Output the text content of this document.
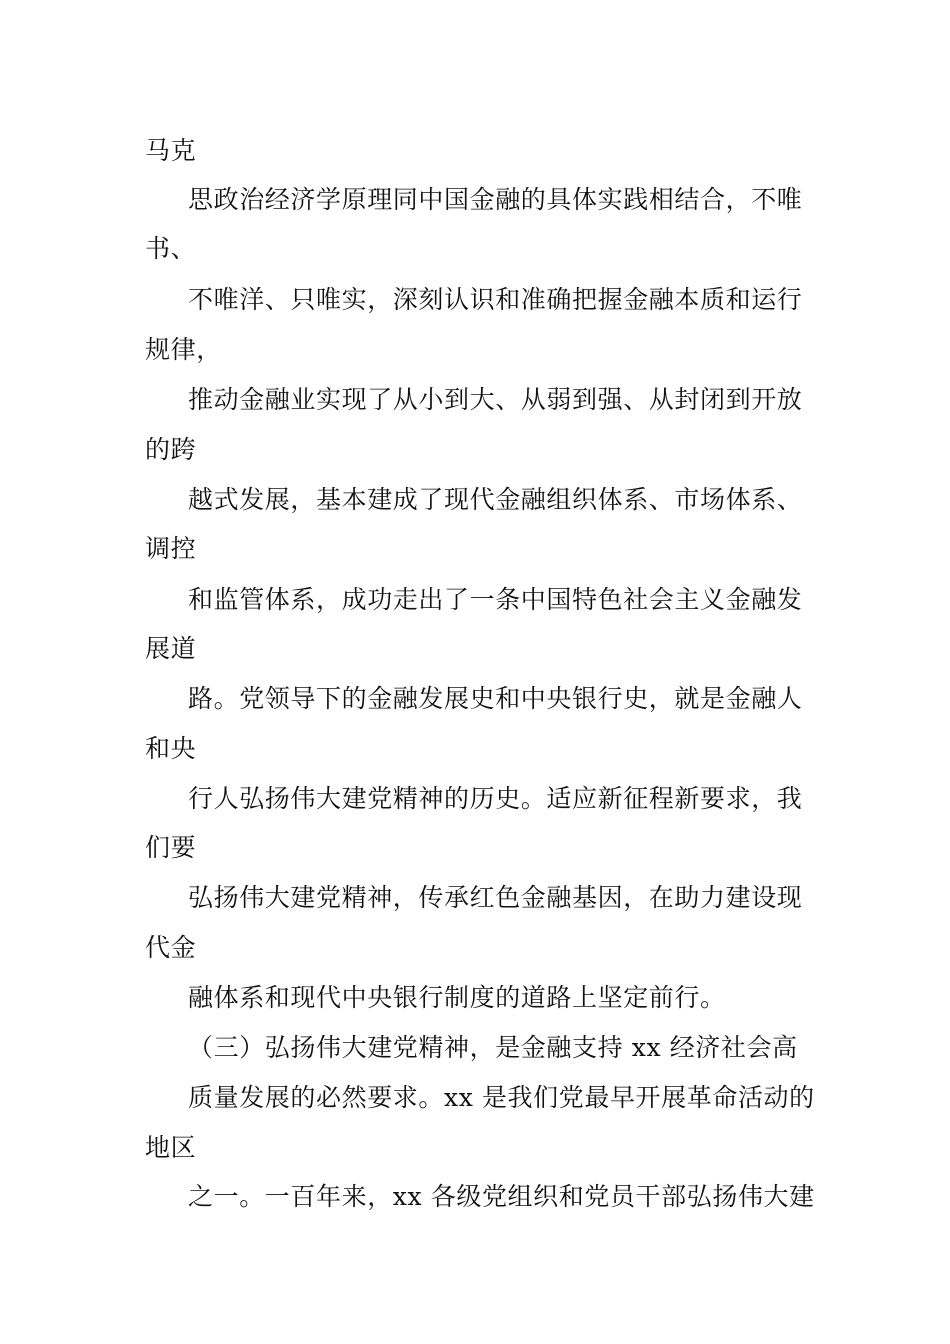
马克
思政治经济学原理同中国金融的具体实践相结合，不唯
书、
不唯洋、只唯实，深刻认识和准确把握金融本质和运行
规律，
推动金融业实现了从小到大、从弱到强、从封闭到开放
的跨
越式发展，基本建成了现代金融组织体系、市场体系、
调控
和监管体系，成功走出了一条中国特色社会主义金融发
展道
路。党领导下的金融发展史和中央银行史，就是金融人
和央
行人弘扬伟大建党精神的历史。适应新征程新要求，我
们要
弘扬伟大建党精神，传承红色金融基因，在助力建设现
代金
融体系和现代中央银行制度的道路上坚定前行。
（三）弘扬伟大建党精神，是金融支持 xx 经济社会高
质量发展的必然要求。xx 是我们党最早开展革命活动的
地区
之一。一百年来，xx 各级党组织和党员干部弘扬伟大建
